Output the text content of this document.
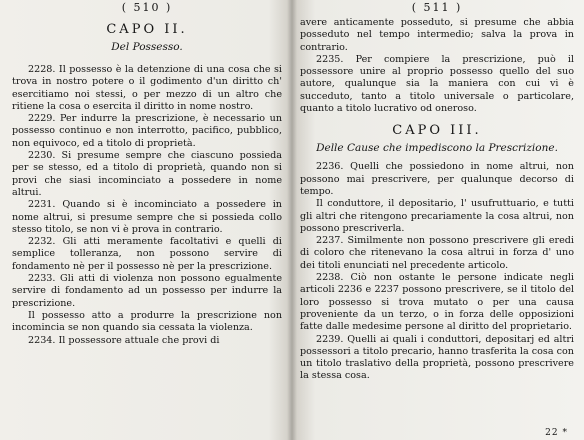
( 510 )
CAPO II.
Del Possesso.

2228. Il possesso è la detenzione di una cosa che si trova in nostro potere o il godimento d'un diritto ch' esercitiamo noi stessi, o per mezzo di un altro che ritiene la cosa o esercita il diritto in nome nostro.

2229. Per indurre la prescrizione, è necessario un possesso continuo e non interrotto, pacifico, pubblico, non equivoco, ed a titolo di proprietà.

2230. Si presume sempre che ciascuno possieda per se stesso, ed a titolo di proprietà, quando non si provi che siasi incominciato a possedere in nome altrui.

2231. Quando si è incominciato a possedere in nome altrui, si presume sempre che si possieda collo stesso titolo, se non vi è prova in contrario.

2232. Gli atti meramente facoltativi e quelli di semplice tolleranza, non possono servire di fondamento nè per il possesso nè per la prescrizione.

2233. Gli atti di violenza non possono egualmente servire di fondamento ad un possesso per indurre la prescrizione.

Il possesso atto a produrre la prescrizione non incomincia se non quando sia cessata la violenza.

2234. Il possessore attuale che provi di

( 511 )

avere anticamente posseduto, si presume che abbia posseduto nel tempo intermedio; salva la prova in contrario.

2235. Per compiere la prescrizione, può il possessore unire al proprio possesso quello del suo autore, qualunque sia la maniera con cui vi è succeduto, tanto a titolo universale o particolare, quanto a titolo lucrativo od oneroso.

CAPO III.
Delle Cause che impediscono la Prescrizione.

2236. Quelli che possiedono in nome altrui, non possono mai prescrivere, per qualunque decorso di tempo.

Il conduttore, il depositario, l' usufruttuario, e tutti gli altri che ritengono precariamente la cosa altrui, non possono prescriverla.

2237. Similmente non possono prescrivere gli eredi di coloro che ritenevano la cosa altrui in forza d' uno dei titoli enunciati nel precedente articolo.

2238. Ciò non ostante le persone indicate negli articoli 2236 e 2237 possono prescrivere, se il titolo del loro possesso si trova mutato o per una causa proveniente da un terzo, o in forza delle opposizioni fatte dalle medesime persone al diritto del proprietario.

2239. Quelli ai quali i conduttori, depositarj ed altri possessori a titolo precario, hanno trasferita la cosa con un titolo traslativo della proprietà, possono prescrivere la stessa cosa.

22 *
